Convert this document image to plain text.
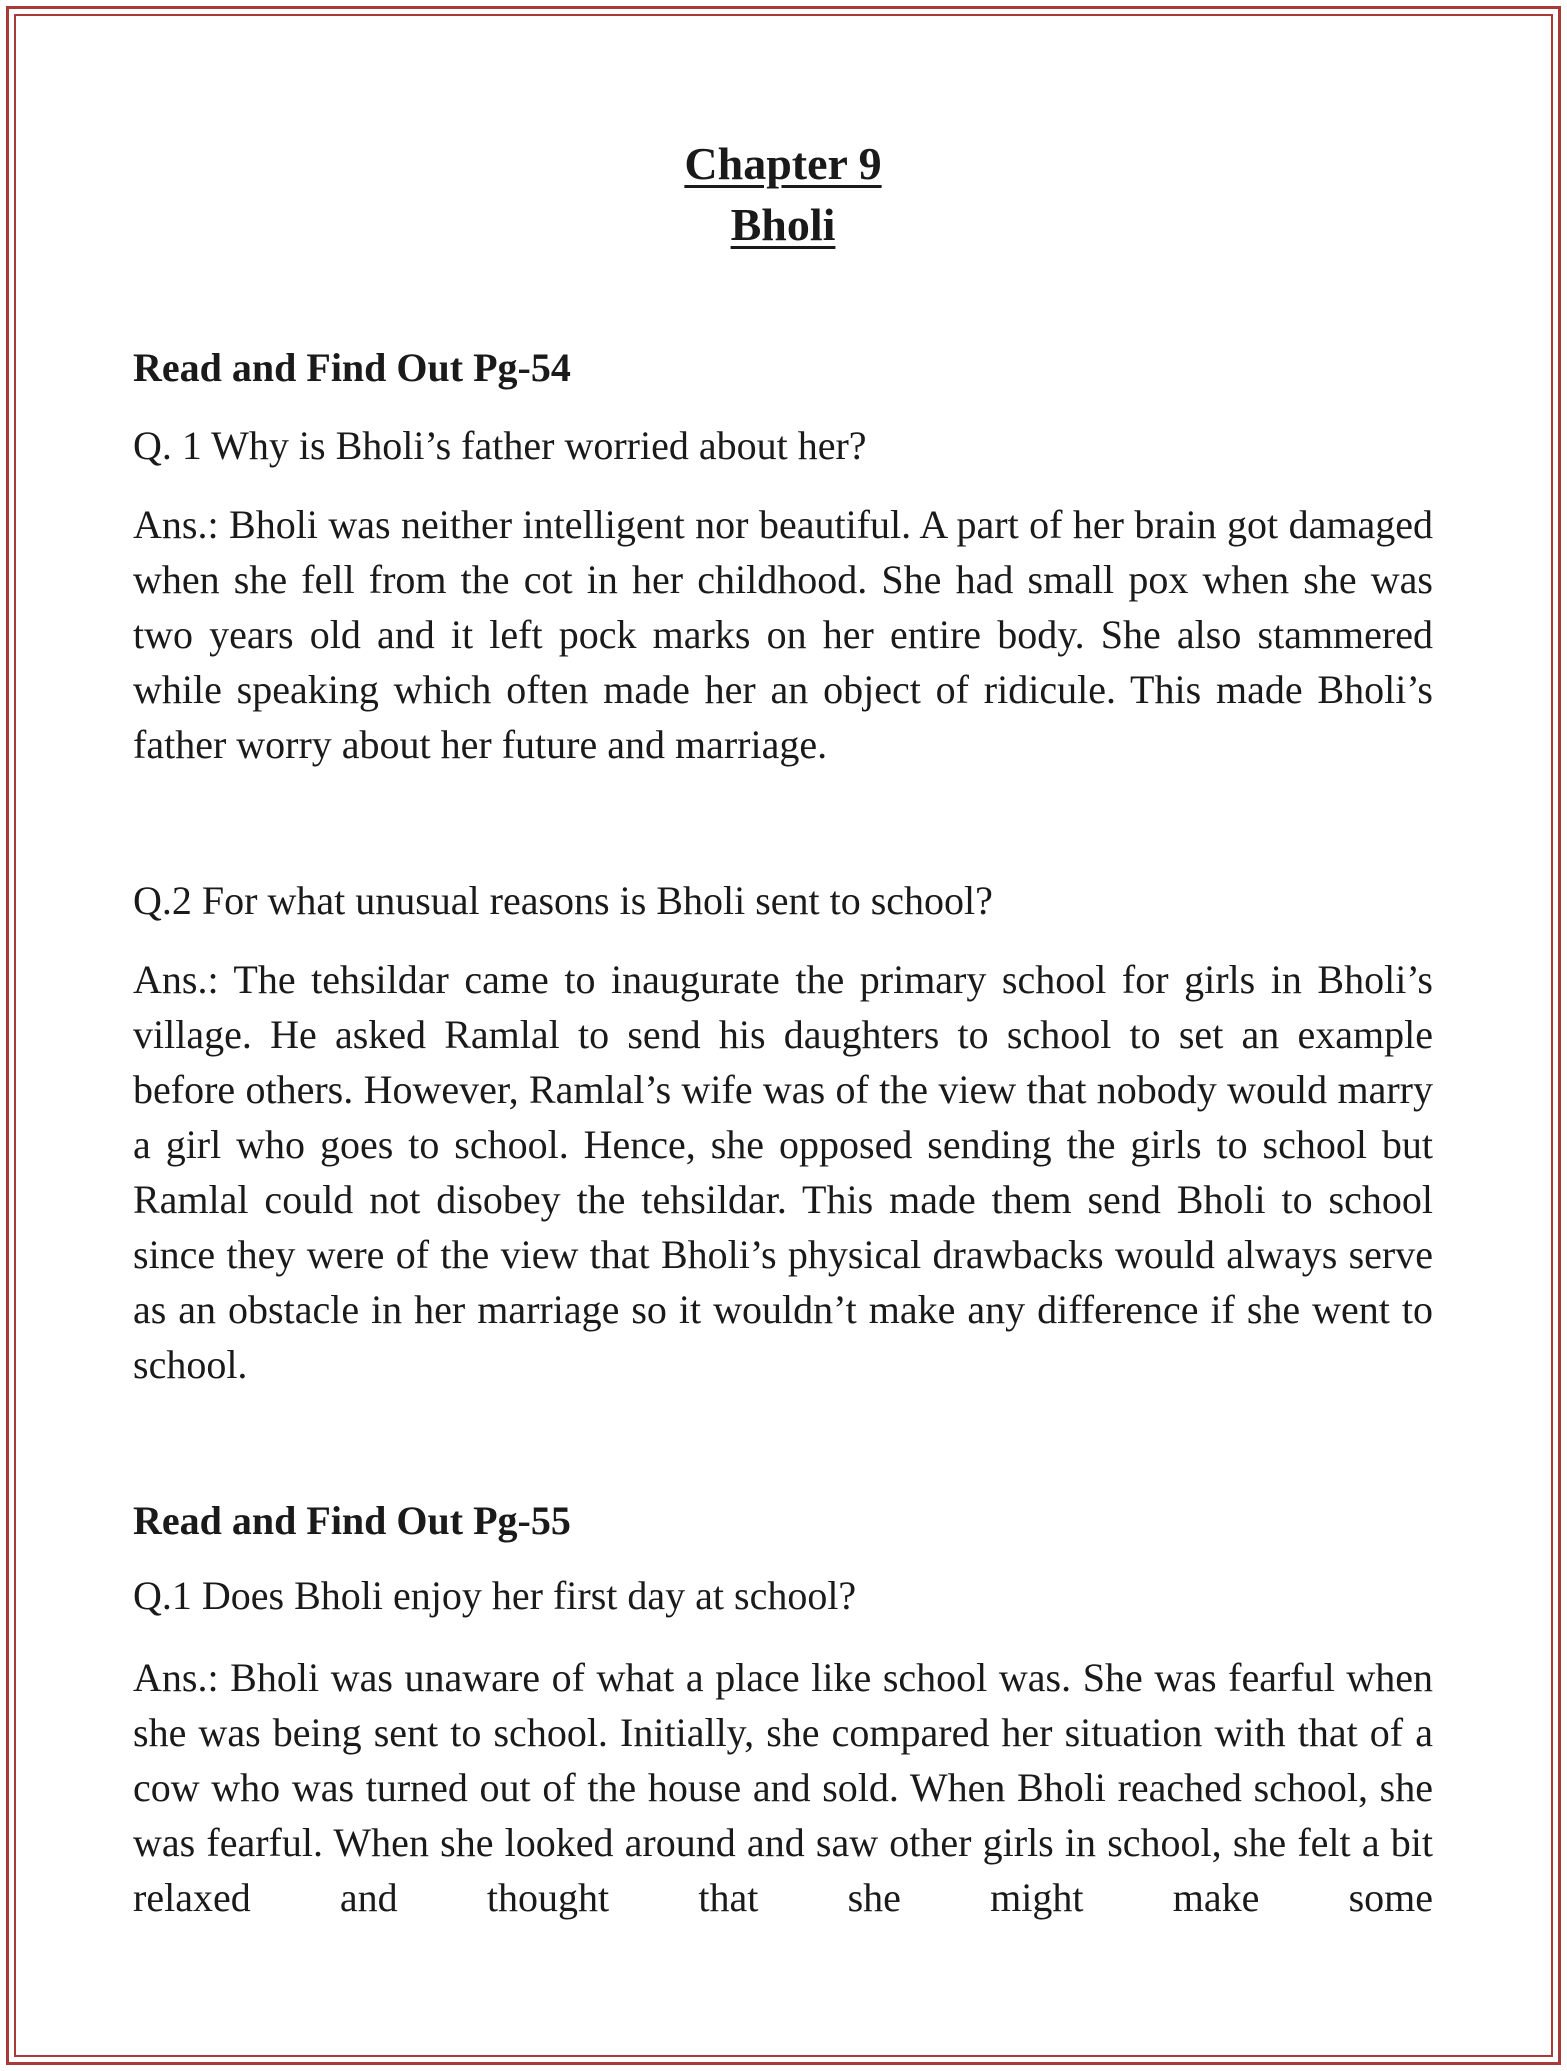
Chapter 9
Bholi
Read and Find Out Pg-54
Q. 1 Why is Bholi’s father worried about her?
Ans.: Bholi was neither intelligent nor beautiful. A part of her brain got damaged when she fell from the cot in her childhood. She had small pox when she was two years old and it left pock marks on her entire body. She also stammered while speaking which often made her an object of ridicule. This made Bholi’s father worry about her future and marriage.
Q.2 For what unusual reasons is Bholi sent to school?
Ans.: The tehsildar came to inaugurate the primary school for girls in Bholi’s village. He asked Ramlal to send his daughters to school to set an example before others. However, Ramlal’s wife was of the view that nobody would marry a girl who goes to school. Hence, she opposed sending the girls to school but Ramlal could not disobey the tehsildar. This made them send Bholi to school since they were of the view that Bholi’s physical drawbacks would always serve as an obstacle in her marriage so it wouldn’t make any difference if she went to school.
Read and Find Out Pg-55
Q.1 Does Bholi enjoy her first day at school?
Ans.: Bholi was unaware of what a place like school was. She was fearful when she was being sent to school. Initially, she compared her situation with that of a cow who was turned out of the house and sold. When Bholi reached school, she was fearful. When she looked around and saw other girls in school, she felt a bit relaxed and thought that she might make some
